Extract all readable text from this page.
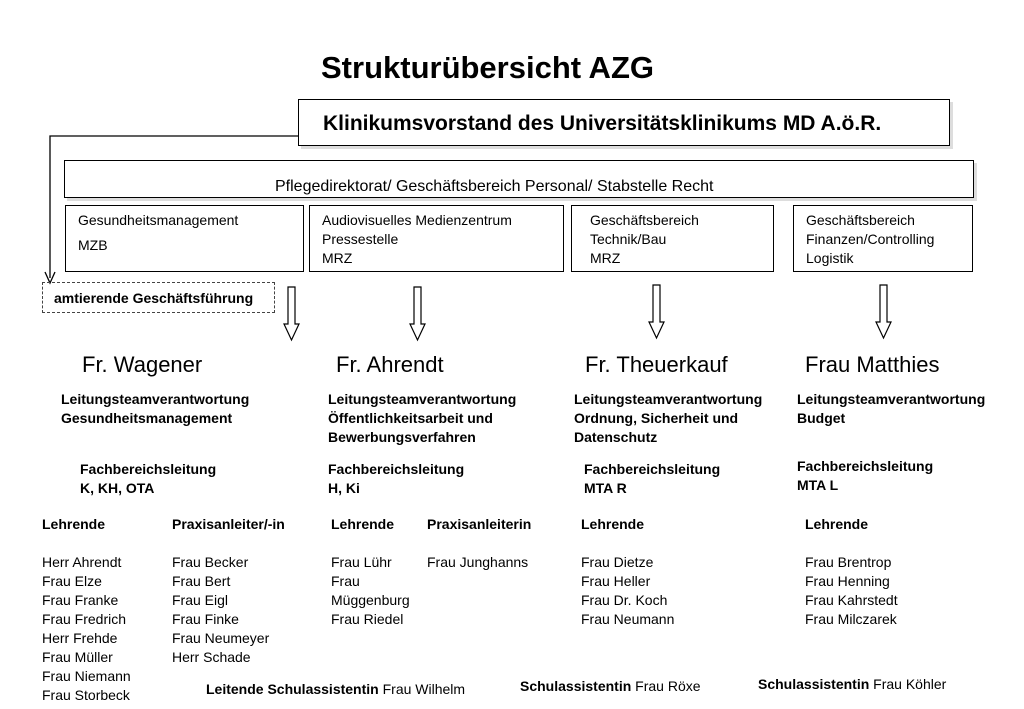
Strukturübersicht AZG
Klinikumsvorstand des Universitätsklinikums MD A.ö.R.
Pflegedirektorat/ Geschäftsbereich Personal/ Stabstelle Recht

Gesundheitsmanagement

MZB

Audiovisuelles Medienzentrum

Pressestelle

MRZ

Geschäftsbereich

Technik/Bau

MRZ

Geschäftsbereich

Finanzen/Controlling

Logistik

amtierende Geschäftsführung
Fr. Wagener	Fr. Ahrendt	Fr. Theuerkauf	Frau Matthies
Leitungsteamverantwortung
Gesundheitsmanagement
Leitungsteamverantwortung
Öffentlichkeitsarbeit und
Bewerbungsverfahren
Leitungsteamverantwortung
Ordnung, Sicherheit und
Datenschutz
Leitungsteamverantwortung
Budget
Fachbereichsleitung
K, KH, OTA
Fachbereichsleitung
H, Ki
Fachbereichsleitung
MTA R
Fachbereichsleitung
MTA L
Lehrende
Herr Ahrendt
Frau Elze
Frau Franke
Frau Fredrich
Herr Frehde
Frau Müller
Frau Niemann
Frau Storbeck
Praxisanleiter/-in
Frau Becker
Frau Bert
Frau Eigl
Frau Finke
Frau Neumeyer
Herr Schade
Lehrende
Frau Lühr
Frau
Müggenburg
Frau Riedel
Praxisanleiterin
Frau Junghanns
Lehrende
Frau Dietze
Frau Heller
Frau Dr. Koch
Frau Neumann
Lehrende
Frau Brentrop
Frau Henning
Frau Kahrstedt
Frau Milczarek
Leitende Schulassistentin Frau Wilhelm	Schulassistentin Frau Röxe	Schulassistentin Frau Köhler
